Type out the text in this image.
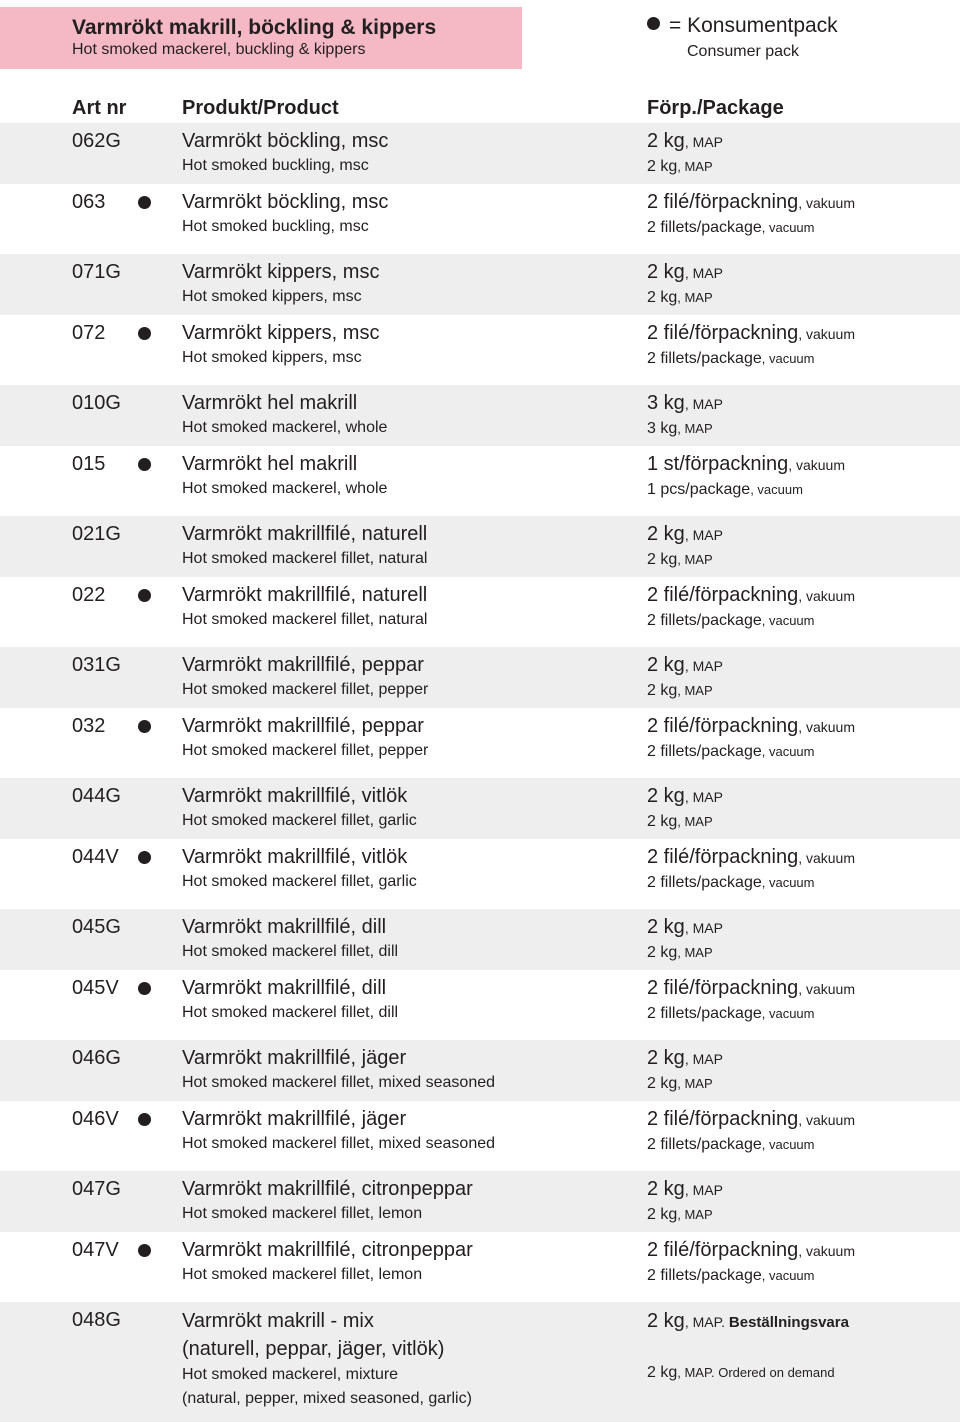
Varmrökt makrill, böckling & kippers
Hot smoked mackerel, buckling & kippers
= Konsumentpack
Consumer pack
Art nr	Produkt/Product	Förp./Package
062G	Varmrökt böckling, msc
Hot smoked buckling, msc
2 kg, MAP
2 kg, MAP
063	Varmrökt böckling, msc
Hot smoked buckling, msc
2 filé/förpackning, vakuum
2 fillets/package, vacuum
071G	Varmrökt kippers, msc
Hot smoked kippers, msc
2 kg, MAP
2 kg, MAP
072	Varmrökt kippers, msc
Hot smoked kippers, msc
2 filé/förpackning, vakuum
2 fillets/package, vacuum
010G	Varmrökt hel makrill
Hot smoked mackerel, whole
3 kg, MAP
3 kg, MAP
015	Varmrökt hel makrill
Hot smoked mackerel, whole
1 st/förpackning, vakuum
1 pcs/package, vacuum
021G	Varmrökt makrillfilé, naturell
Hot smoked mackerel fillet, natural
2 kg, MAP
2 kg, MAP
022	Varmrökt makrillfilé, naturell
Hot smoked mackerel fillet, natural
2 filé/förpackning, vakuum
2 fillets/package, vacuum
031G	Varmrökt makrillfilé, peppar
Hot smoked mackerel fillet, pepper
2 kg, MAP
2 kg, MAP
032	Varmrökt makrillfilé, peppar
Hot smoked mackerel fillet, pepper
2 filé/förpackning, vakuum
2 fillets/package, vacuum
044G	Varmrökt makrillfilé, vitlök
Hot smoked mackerel fillet, garlic
2 kg, MAP
2 kg, MAP
044V	Varmrökt makrillfilé, vitlök
Hot smoked mackerel fillet, garlic
2 filé/förpackning, vakuum
2 fillets/package, vacuum
045G	Varmrökt makrillfilé, dill
Hot smoked mackerel fillet, dill
2 kg, MAP
2 kg, MAP
045V	Varmrökt makrillfilé, dill
Hot smoked mackerel fillet, dill
2 filé/förpackning, vakuum
2 fillets/package, vacuum
046G	Varmrökt makrillfilé, jäger
Hot smoked mackerel fillet, mixed seasoned
2 kg, MAP
2 kg, MAP
046V	Varmrökt makrillfilé, jäger
Hot smoked mackerel fillet, mixed seasoned
2 filé/förpackning, vakuum
2 fillets/package, vacuum
047G	Varmrökt makrillfilé, citronpeppar
Hot smoked mackerel fillet, lemon
2 kg, MAP
2 kg, MAP
047V	Varmrökt makrillfilé, citronpeppar
Hot smoked mackerel fillet, lemon
2 filé/förpackning, vakuum
2 fillets/package, vacuum
048G	Varmrökt makrill - mix
(naturell, peppar, jäger, vitlök)
Hot smoked mackerel, mixture
(natural, pepper, mixed seasoned, garlic)
2 kg, MAP. Beställningsvara
2 kg, MAP. Ordered on demand
